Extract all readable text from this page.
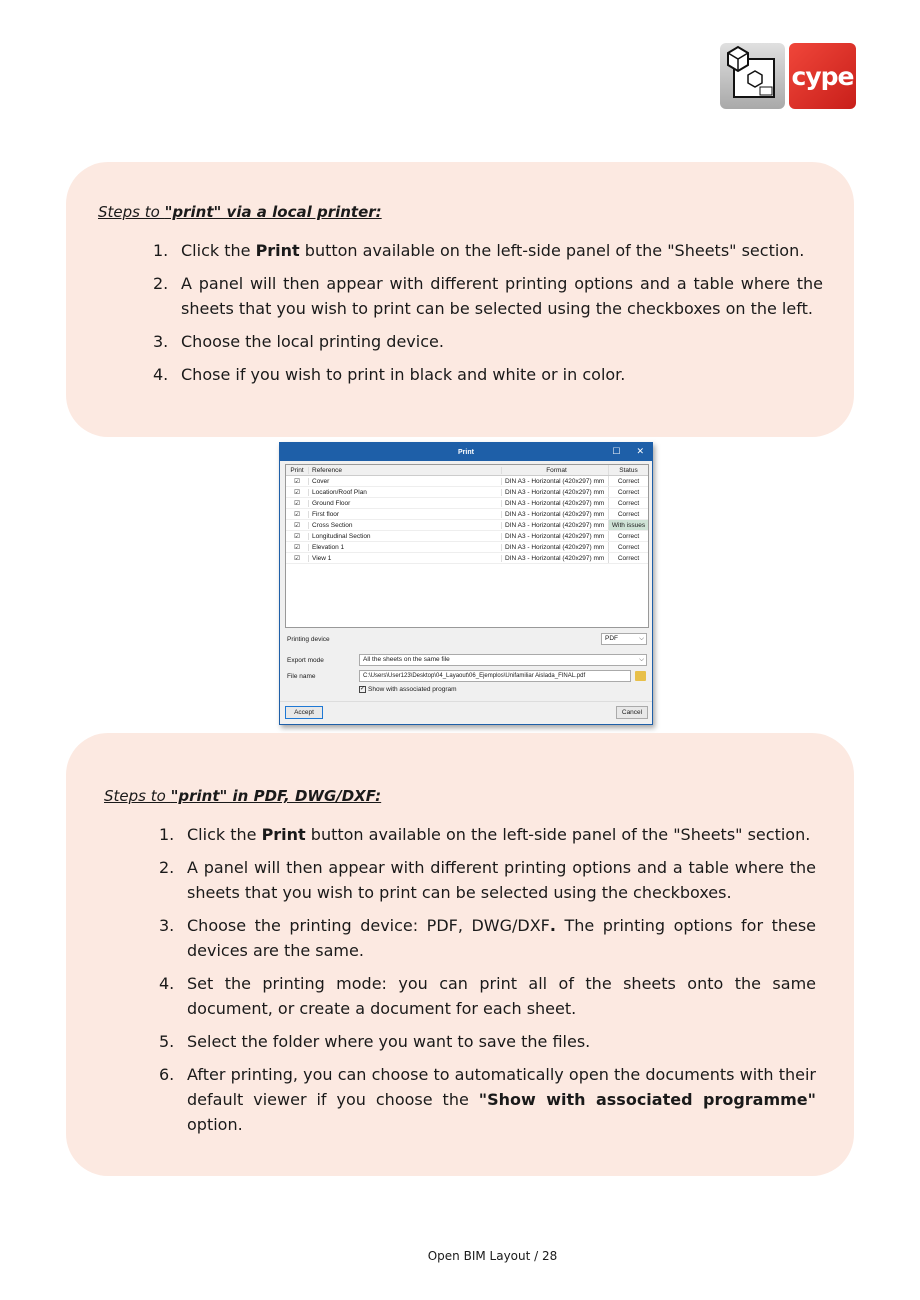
cype
Steps to "print" via a local printer:
1. Click the Print button available on the left-side panel of the "Sheets" section.
2. A panel will then appear with different printing options and a table where the sheets that you wish to print can be selected using the checkboxes on the left.
3. Choose the local printing device.
4. Chose if you wish to print in black and white or in color.
Print	☐ ✕
Print	Reference	Format	Status
☑	Cover	DIN A3 - Horizontal (420x297) mm	Correct
☑	Location/Roof Plan	DIN A3 - Horizontal (420x297) mm	Correct
☑	Ground Floor	DIN A3 - Horizontal (420x297) mm	Correct
☑	First floor	DIN A3 - Horizontal (420x297) mm	Correct
☑	Cross Section	DIN A3 - Horizontal (420x297) mm	With issues
☑	Longitudinal Section	DIN A3 - Horizontal (420x297) mm	Correct
☑	Elevation 1	DIN A3 - Horizontal (420x297) mm	Correct
☑	View 1	DIN A3 - Horizontal (420x297) mm	Correct
Printing device	PDF	⌵
Export mode	All the sheets on the same file	⌵
File name	C:\Users\User123\Desktop\04_Layaout\06_Ejemplos\Unifamiliar Aislada_FINAL.pdf
✓ Show with associated program
Accept	Cancel
Steps to "print" in PDF, DWG/DXF:
1. Click the Print button available on the left-side panel of the "Sheets" section.
2. A panel will then appear with different printing options and a table where the sheets that you wish to print can be selected using the checkboxes.
3. Choose the printing device: PDF, DWG/DXF. The printing options for these devices are the same.
4. Set the printing mode: you can print all of the sheets onto the same document, or create a document for each sheet.
5. Select the folder where you want to save the files.
6. After printing, you can choose to automatically open the documents with their default viewer if you choose the "Show with associated programme" option.
Open BIM Layout / 28
